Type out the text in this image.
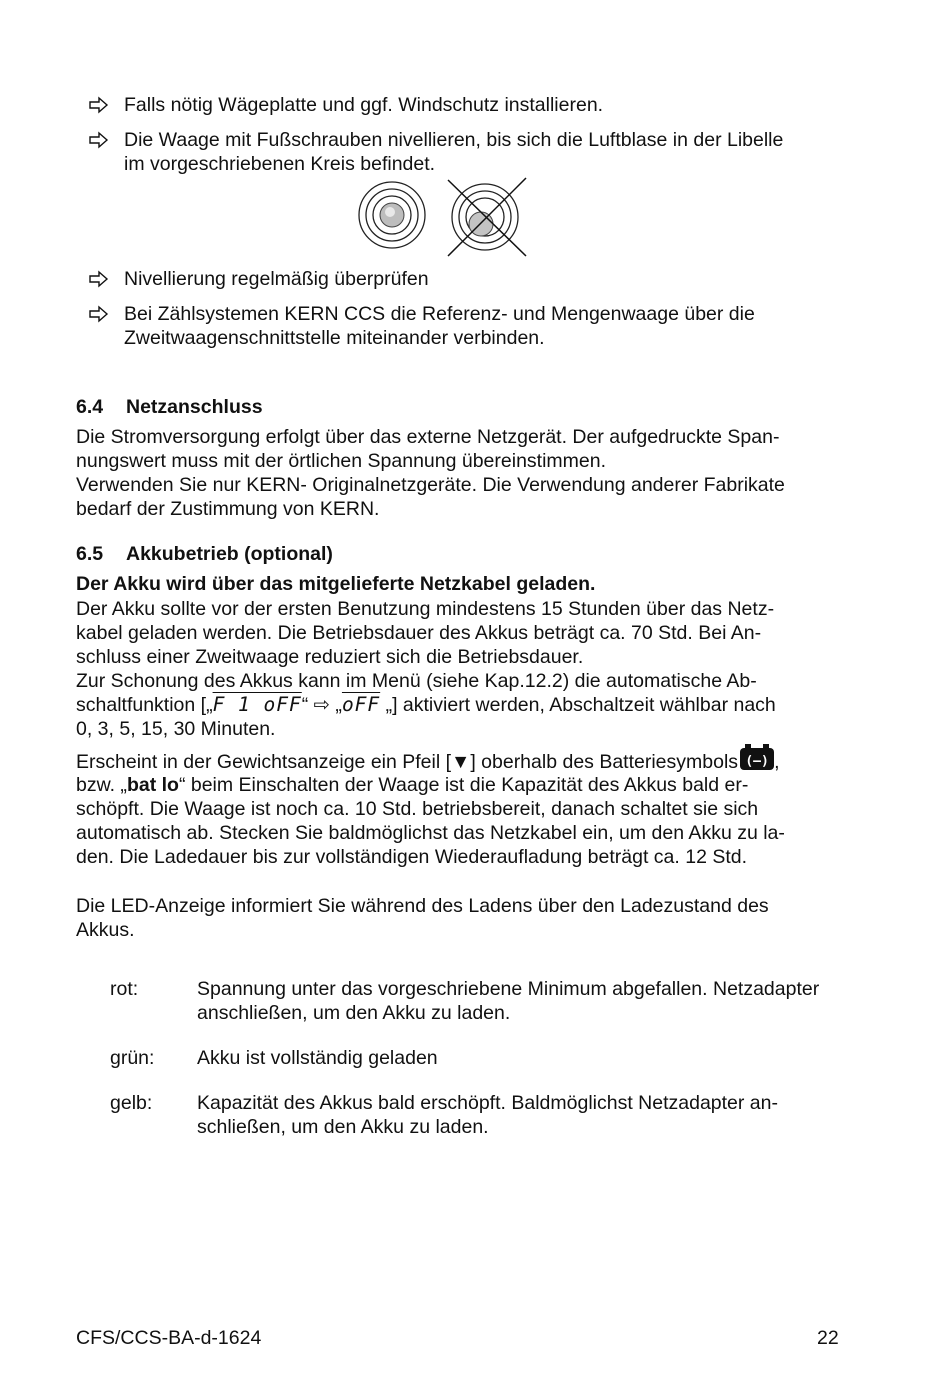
Falls nötig Wägeplatte und ggf. Windschutz installieren.
Die Waage mit Fußschrauben nivellieren, bis sich die Luftblase in der Libelle
im vorgeschriebenen Kreis befindet.
Nivellierung regelmäßig überprüfen
Bei Zählsystemen KERN CCS die Referenz- und Mengenwaage über die
Zweitwaagenschnittstelle miteinander verbinden.
6.4 Netzanschluss
Die Stromversorgung erfolgt über das externe Netzgerät. Der aufgedruckte Span-
nungswert muss mit der örtlichen Spannung übereinstimmen.
Verwenden Sie nur KERN- Originalnetzgeräte. Die Verwendung anderer Fabrikate
bedarf der Zustimmung von KERN.
6.5 Akkubetrieb (optional)
Der Akku wird über das mitgelieferte Netzkabel geladen.
Der Akku sollte vor der ersten Benutzung mindestens 15 Stunden über das Netz-
kabel geladen werden. Die Betriebsdauer des Akkus beträgt ca. 70 Std. Bei An-
schluss einer Zweitwaage reduziert sich die Betriebsdauer.
Zur Schonung des Akkus kann im Menü (siehe Kap.12.2) die automatische Ab-
schaltfunktion [„F 1 oFF“ ⇨ $„\overline{oFF}$ „] aktiviert werden, Abschaltzeit wählbar nach
0, 3, 5, 15, 30 Minuten.
Erscheint in der Gewichtsanzeige ein Pfeil [▼] oberhalb des Batteriesymbols (–) ,
bzw. „bat lo“ beim Einschalten der Waage ist die Kapazität des Akkus bald er-
schöpft. Die Waage ist noch ca. 10 Std. betriebsbereit, danach schaltet sie sich
automatisch ab. Stecken Sie baldmöglichst das Netzkabel ein, um den Akku zu la-
den. Die Ladedauer bis zur vollständigen Wiederaufladung beträgt ca. 12 Std.
Die LED-Anzeige informiert Sie während des Ladens über den Ladezustand des
Akkus.
rot:	Spannung unter das vorgeschriebene Minimum abgefallen. Netzadapter
anschließen, um den Akku zu laden.
grün: Akku ist vollständig geladen
gelb: Kapazität des Akkus bald erschöpft. Baldmöglichst Netzadapter an-
schließen, um den Akku zu laden.
CFS/CCS-BA-d-1624	22
